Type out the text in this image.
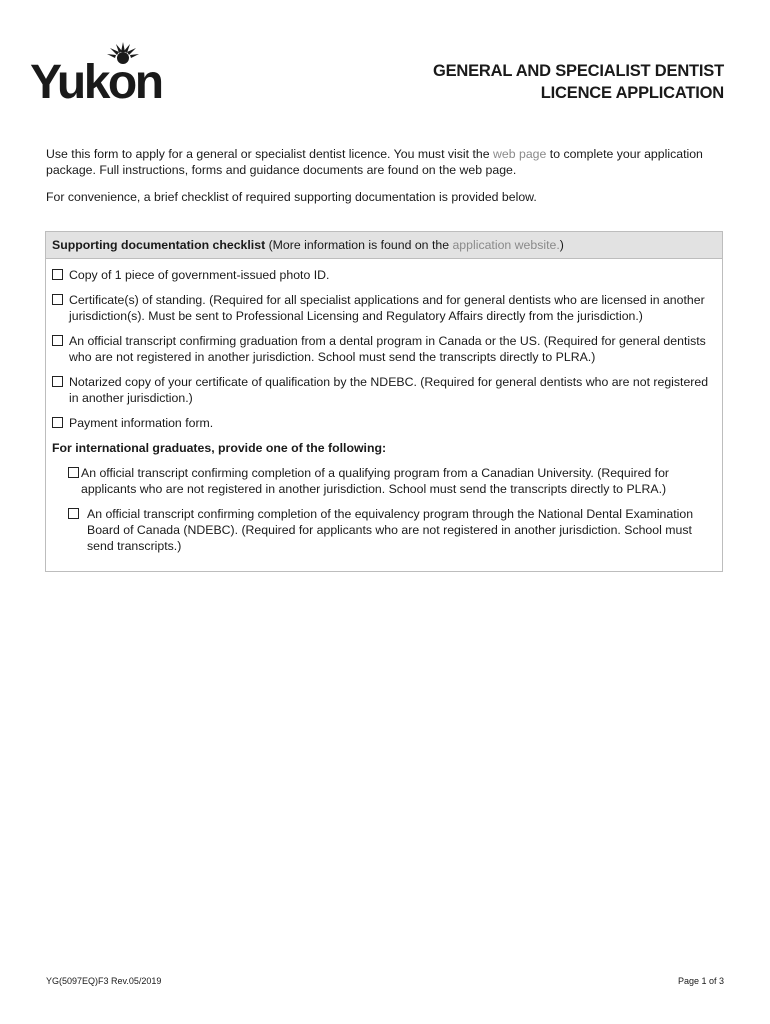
Yukon	GENERAL AND SPECIALIST DENTIST
LICENCE APPLICATION

Use this form to apply for a general or specialist dentist licence. You must visit the web page to complete your application package. Full instructions, forms and guidance documents are found on the web page.

For convenience, a brief checklist of required supporting documentation is provided below.

Supporting documentation checklist (More information is found on the application website.)
Copy of 1 piece of government-issued photo ID.
Certificate(s) of standing. (Required for all specialist applications and for general dentists who are licensed in another jurisdiction(s). Must be sent to Professional Licensing and Regulatory Affairs directly from the jurisdiction.)
An official transcript confirming graduation from a dental program in Canada or the US. (Required for general dentists who are not registered in another jurisdiction. School must send the transcripts directly to PLRA.)
Notarized copy of your certificate of qualification by the NDEBC. (Required for general dentists who are not registered in another jurisdiction.)
Payment information form.
For international graduates, provide one of the following:
An official transcript confirming completion of a qualifying program from a Canadian University. (Required for applicants who are not registered in another jurisdiction. School must send the transcripts directly to PLRA.)
An official transcript confirming completion of the equivalency program through the National Dental Examination Board of Canada (NDEBC). (Required for applicants who are not registered in another jurisdiction. School must send transcripts.)
YG(5097EQ)F3 Rev.05/2019	Page 1 of 3
